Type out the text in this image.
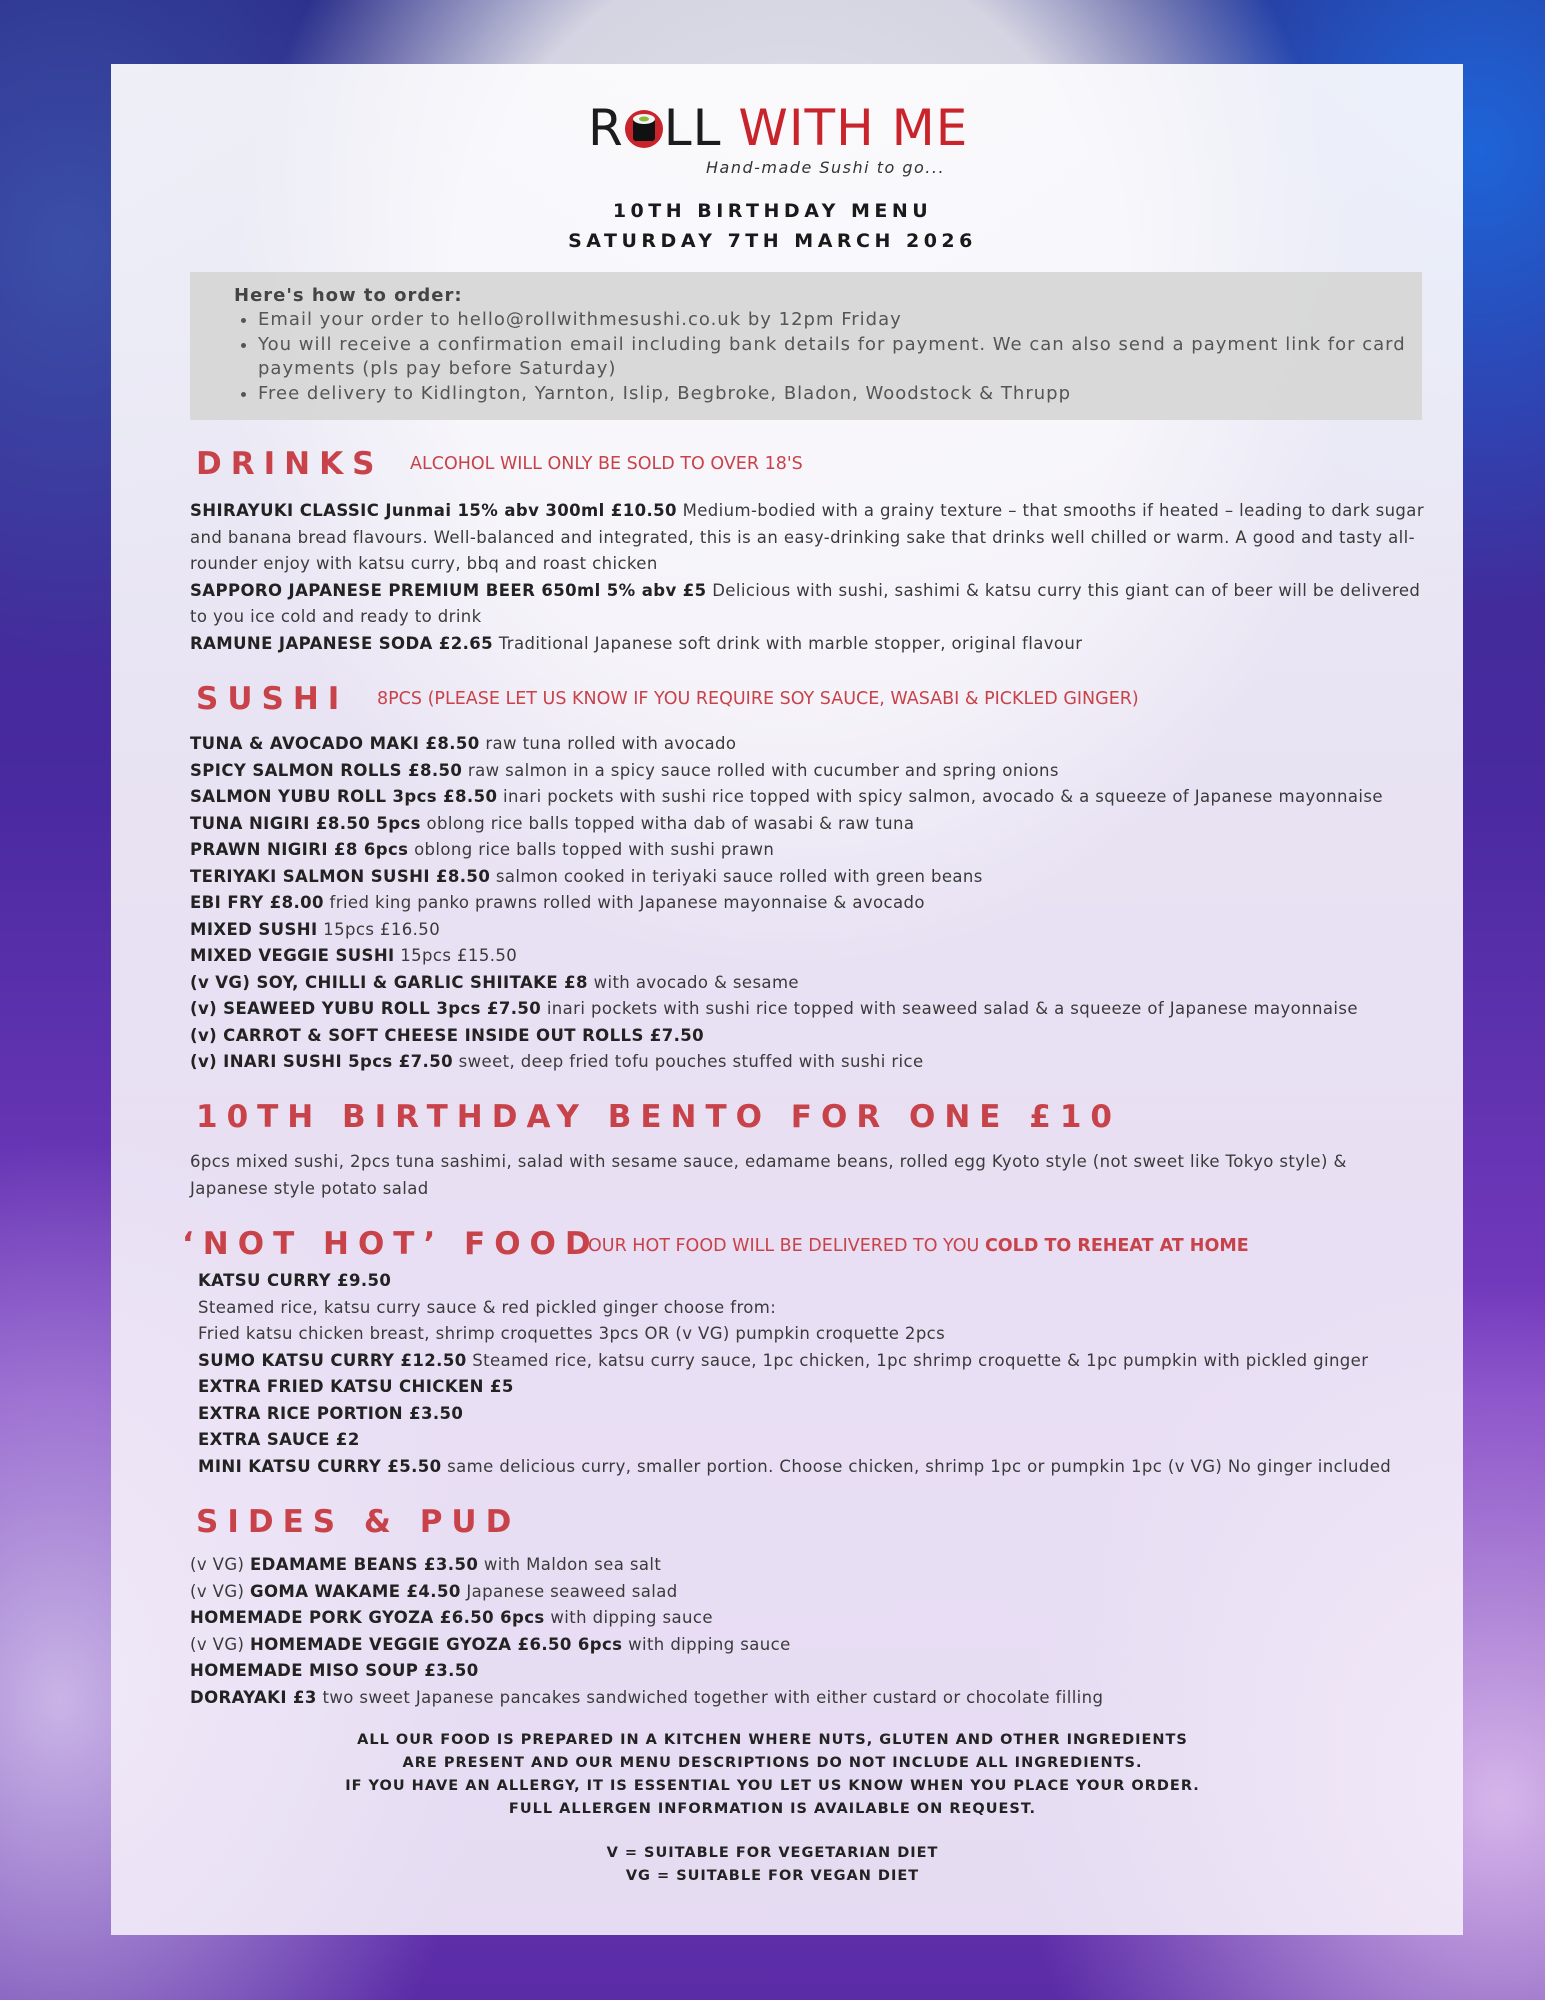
R LL WITH ME
Hand-made Sushi to go...
10TH BIRTHDAY MENU
SATURDAY 7TH MARCH 2026
Here's how to order:
• Email your order to hello@rollwithmesushi.co.uk by 12pm Friday
• You will receive a confirmation email including bank details for payment. We can also send a payment link for card payments (pls pay before Saturday)
• Free delivery to Kidlington, Yarnton, Islip, Begbroke, Bladon, Woodstock & Thrupp
DRINKS ALCOHOL WILL ONLY BE SOLD TO OVER 18'S
SHIRAYUKI CLASSIC Junmai 15% abv 300ml £10.50 Medium-bodied with a grainy texture – that smooths if heated – leading to dark sugar and banana bread flavours. Well-balanced and integrated, this is an easy-drinking sake that drinks well chilled or warm. A good and tasty all-rounder enjoy with katsu curry, bbq and roast chicken
SAPPORO JAPANESE PREMIUM BEER 650ml 5% abv £5 Delicious with sushi, sashimi & katsu curry this giant can of beer will be delivered to you ice cold and ready to drink
RAMUNE JAPANESE SODA £2.65 Traditional Japanese soft drink with marble stopper, original flavour
SUSHI 8PCS (PLEASE LET US KNOW IF YOU REQUIRE SOY SAUCE, WASABI & PICKLED GINGER)
TUNA & AVOCADO MAKI £8.50 raw tuna rolled with avocado
SPICY SALMON ROLLS £8.50 raw salmon in a spicy sauce rolled with cucumber and spring onions
SALMON YUBU ROLL 3pcs £8.50 inari pockets with sushi rice topped with spicy salmon, avocado & a squeeze of Japanese mayonnaise
TUNA NIGIRI £8.50 5pcs oblong rice balls topped witha dab of wasabi & raw tuna
PRAWN NIGIRI £8 6pcs oblong rice balls topped with sushi prawn
TERIYAKI SALMON SUSHI £8.50 salmon cooked in teriyaki sauce rolled with green beans
EBI FRY £8.00 fried king panko prawns rolled with Japanese mayonnaise & avocado
MIXED SUSHI 15pcs £16.50
MIXED VEGGIE SUSHI 15pcs £15.50
(v VG) SOY, CHILLI & GARLIC SHIITAKE £8 with avocado & sesame
(v) SEAWEED YUBU ROLL 3pcs £7.50 inari pockets with sushi rice topped with seaweed salad & a squeeze of Japanese mayonnaise
(v) CARROT & SOFT CHEESE INSIDE OUT ROLLS £7.50
(v) INARI SUSHI 5pcs £7.50 sweet, deep fried tofu pouches stuffed with sushi rice
10TH BIRTHDAY BENTO FOR ONE £10
6pcs mixed sushi, 2pcs tuna sashimi, salad with sesame sauce, edamame beans, rolled egg Kyoto style (not sweet like Tokyo style) & Japanese style potato salad
‘NOT HOT’ FOOD
OUR HOT FOOD WILL BE DELIVERED TO YOU COLD TO REHEAT AT HOME
KATSU CURRY £9.50
Steamed rice, katsu curry sauce & red pickled ginger choose from:
Fried katsu chicken breast, shrimp croquettes 3pcs OR (v VG) pumpkin croquette 2pcs
SUMO KATSU CURRY £12.50 Steamed rice, katsu curry sauce, 1pc chicken, 1pc shrimp croquette & 1pc pumpkin with pickled ginger
EXTRA FRIED KATSU CHICKEN £5
EXTRA RICE PORTION £3.50
EXTRA SAUCE £2
MINI KATSU CURRY £5.50 same delicious curry, smaller portion. Choose chicken, shrimp 1pc or pumpkin 1pc (v VG) No ginger included
SIDES & PUD
(v VG) EDAMAME BEANS £3.50 with Maldon sea salt
(v VG) GOMA WAKAME £4.50 Japanese seaweed salad
HOMEMADE PORK GYOZA £6.50 6pcs with dipping sauce
(v VG) HOMEMADE VEGGIE GYOZA £6.50 6pcs with dipping sauce
HOMEMADE MISO SOUP £3.50
DORAYAKI £3 two sweet Japanese pancakes sandwiched together with either custard or chocolate filling
ALL OUR FOOD IS PREPARED IN A KITCHEN WHERE NUTS, GLUTEN AND OTHER INGREDIENTS
ARE PRESENT AND OUR MENU DESCRIPTIONS DO NOT INCLUDE ALL INGREDIENTS.
IF YOU HAVE AN ALLERGY, IT IS ESSENTIAL YOU LET US KNOW WHEN YOU PLACE YOUR ORDER.
FULL ALLERGEN INFORMATION IS AVAILABLE ON REQUEST.
V = SUITABLE FOR VEGETARIAN DIET
VG = SUITABLE FOR VEGAN DIET
